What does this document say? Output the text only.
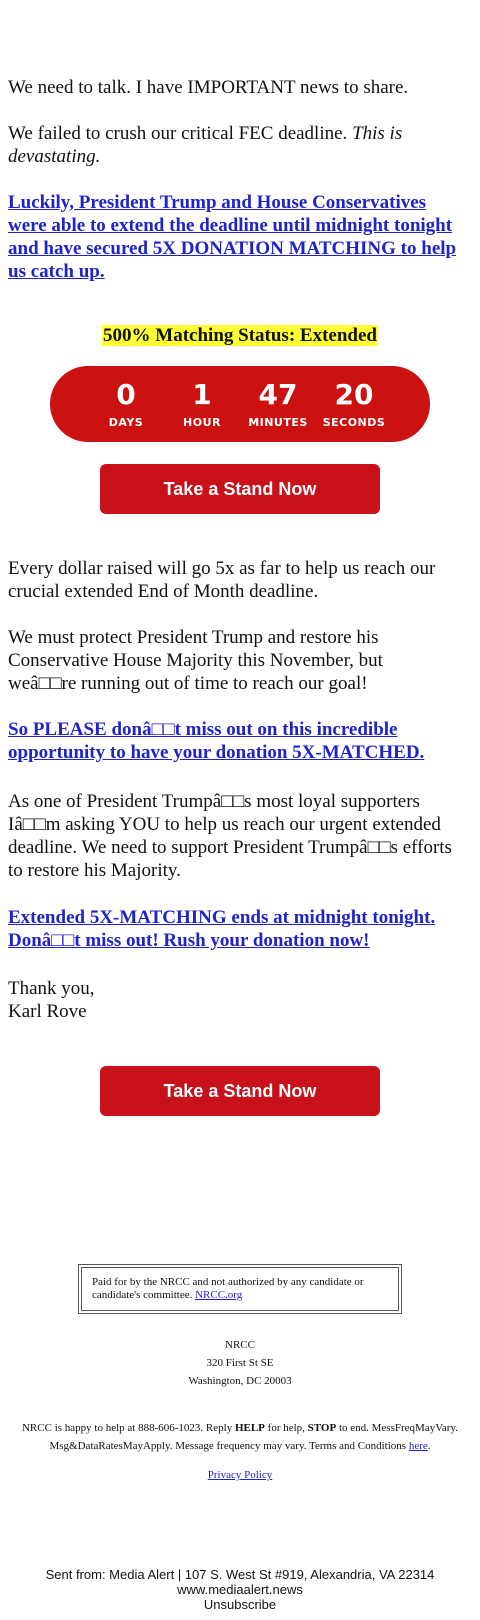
We need to talk. I have IMPORTANT news to share.

We failed to crush our critical FEC deadline. This is devastating.

Luckily, President Trump and House Conservatives were able to extend the deadline until midnight tonight and have secured 5X DONATION MATCHING to help us catch up.

500% Matching Status: Extended
0
DAYS
1
HOUR
47
MINUTES
20
SECONDS
Take a Stand Now

Every dollar raised will go 5x as far to help us reach our crucial extended End of Month deadline.

We must protect President Trump and restore his Conservative House Majority this November, but weâ□□re running out of time to reach our goal!

So PLEASE donâ□□t miss out on this incredible opportunity to have your donation 5X-MATCHED.

As one of President Trumpâ□□s most loyal supporters Iâ□□m asking YOU to help us reach our urgent extended deadline. We need to support President Trumpâ□□s efforts to restore his Majority.

Extended 5X-MATCHING ends at midnight tonight. Donâ□□t miss out! Rush your donation now!

Thank you,

Karl Rove

Take a Stand Now
Paid for by the NRCC and not authorized by any candidate or candidate's committee. NRCC.org
NRCC
320 First St SE
Washington, DC 20003
NRCC is happy to help at 888-606-1023. Reply HELP for help, STOP to end. MessFreqMayVary. Msg&DataRatesMayApply. Message frequency may vary. Terms and Conditions here.
Privacy Policy
Sent from: Media Alert | 107 S. West St #919, Alexandria, VA 22314
www.mediaalert.news
Unsubscribe
